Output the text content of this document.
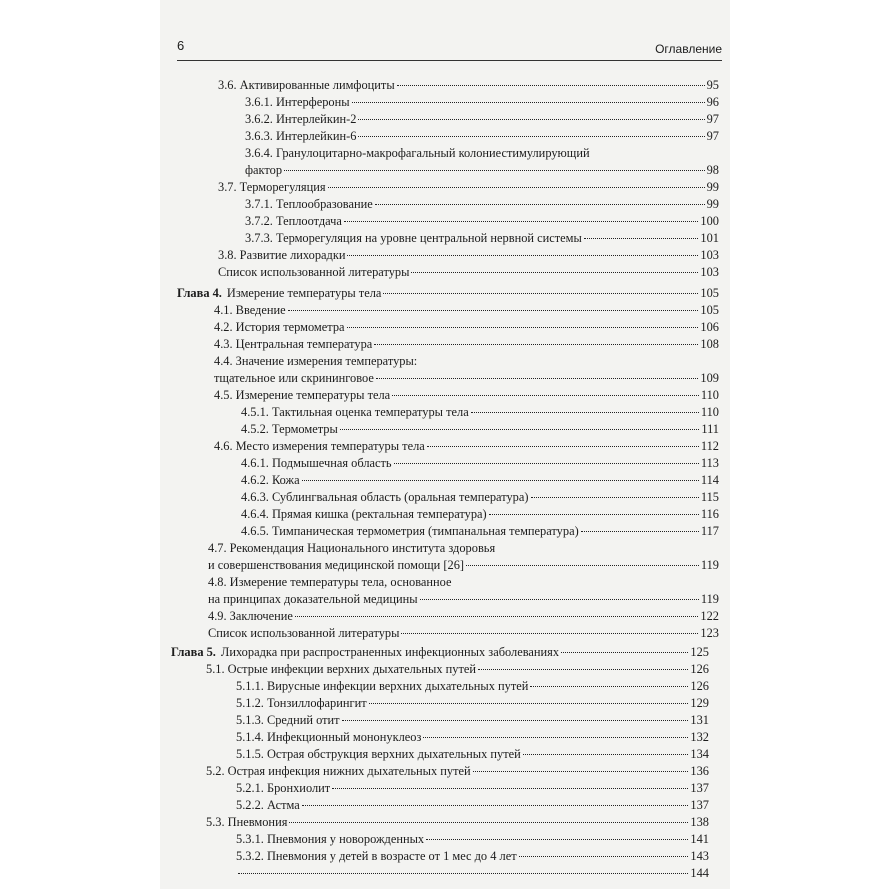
6	Оглавление
3.6. Активированные лимфоциты	95
3.6.1. Интерфероны	96
3.6.2. Интерлейкин-2	97
3.6.3. Интерлейкин-6	97
3.6.4. Гранулоцитарно-макрофагальный колониестимулирующий
фактор	98
3.7. Терморегуляция	99
3.7.1. Теплообразование	99
3.7.2. Теплоотдача	100
3.7.3. Терморегуляция на уровне центральной нервной системы	101
3.8. Развитие лихорадки	103
Список использованной литературы	103
Глава 4. Измерение температуры тела	105
4.1. Введение	105
4.2. История термометра	106
4.3. Центральная температура	108
4.4. Значение измерения температуры:
тщательное или скрининговое	109
4.5. Измерение температуры тела	110
4.5.1. Тактильная оценка температуры тела	110
4.5.2. Термометры	111
4.6. Место измерения температуры тела	112
4.6.1. Подмышечная область	113
4.6.2. Кожа	114
4.6.3. Сублингвальная область (оральная температура)	115
4.6.4. Прямая кишка (ректальная температура)	116
4.6.5. Тимпаническая термометрия (тимпанальная температура)	117
4.7. Рекомендация Национального института здоровья
и совершенствования медицинской помощи [26]	119
4.8. Измерение температуры тела, основанное
на принципах доказательной медицины	119
4.9. Заключение	122
Список использованной литературы	123
Глава 5. Лихорадка при распространенных инфекционных заболеваниях	125
5.1. Острые инфекции верхних дыхательных путей	126
5.1.1. Вирусные инфекции верхних дыхательных путей	126
5.1.2. Тонзиллофарингит	129
5.1.3. Средний отит	131
5.1.4. Инфекционный мононуклеоз	132
5.1.5. Острая обструкция верхних дыхательных путей	134
5.2. Острая инфекция нижних дыхательных путей	136
5.2.1. Бронхиолит	137
5.2.2. Астма	137
5.3. Пневмония	138
5.3.1. Пневмония у новорожденных	141
5.3.2. Пневмония у детей в возрасте от 1 мес до 4 лет	143
144
